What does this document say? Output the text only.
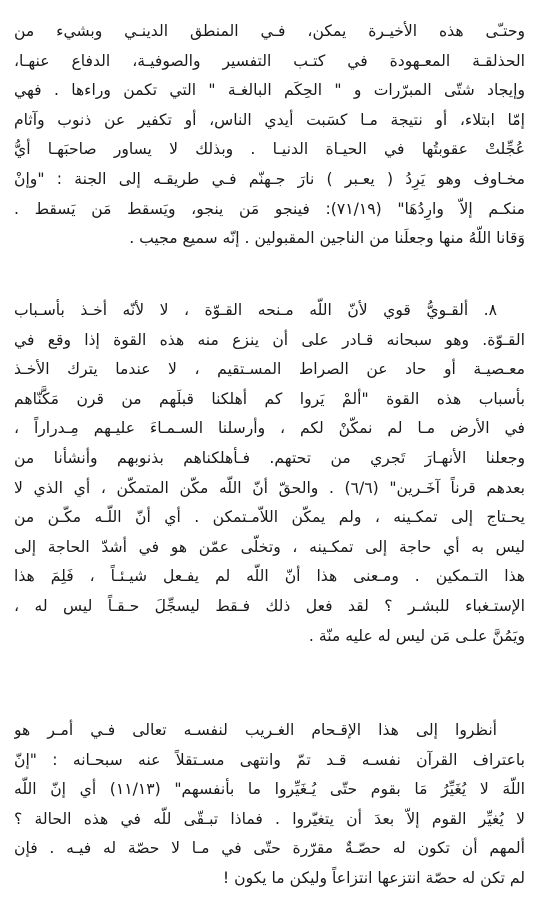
وحتـّى هذه الأخيـرة يمكن، فـي المنطق الدينـي وبشيء من
الحذلقـة المعـهودة في كتـب التفسير والصوفيـة، الدفاع عنهـا،
وإيجاد شتّى المبرّرات و " الحِكَم البالغـة " التي تكمن وراءها . فهي
إمّا ابتلاء، أو نتيجة مـا كسَبت أيدي الناس، أو تكفير عن ذنوب وآثام
عُجِّلتْ عقوبتُها في الحيـاة الدنيـا . وبذلك لا يساور صاحبَهـا أيُّ
مخـاوف وهو يَرِدُ ( يعـبر ) نارَ جـهنّم فـي طريقـه إلى الجنة : "وإنْ
منكـم إلاّ وارِدُهَا" (٧١/١٩): فينجو مَن ينجو، ويَسقط مَن يَسقط .
وَقانا اللّهُ منها وجعلَنا من الناجين المقبولين . إنّه سميع مجيب .
٨. ألقـويُّ قوي لأنّ اللّه مـنحه القـوّة ، لا لأنّه أخـذ بأسـباب
القـوّة. وهو سبحانه قـادر على أن ينزع منه هذه القوة إذا وقع في
معـصيـة أو حاد عن الصراط المسـتقيم ، لا عندما يترك الأخـذ
بأسباب هذه القوة "ألمْ يَروا كم أهلكنا قبلَهم من قرن مَكَّنّاهم
في الأرض مـا لم نمكّنْ لكم ، وأرسلنا السـمـاءَ عليـهم مِـدراراً ،
وجعلنا الأنهـارَ تَجري من تحتهم. فـأهلكناهم بذنوبهم وأنشأنا من
بعدهم قرناً آخَـرين" (٦/٦) . والحقّ أنّ اللّه مكّن المتمكّن ، أي الذي لا
يحـتاج إلى تمكـينه ، ولم يمكّن اللاّمـتمكن . أي أنّ اللّـه مكّـن من
ليس به أي حاجة إلى تمكـينه ، وتخلّى عمّن هو في أشدّ الحاجة إلى
هذا التـمكين . ومـعنى هذا أنّ اللّه لم يفـعل شيـئـاً ، فَلِمَ هذا
الإستـغباء للبشـر ؟ لقد فعل ذلك فـقط ليسجِّلَ حـقـاً ليس له ،
ويَمُنَّ علـى مَن ليس له عليه منّة .
أنظروا إلى هذا الإقـحام الغـريب لنفسـه تعالى فـي أمـر هو
باعتراف القرآن نفسـه قـد تمّ وانتهى مسـتقلاً عنه سبحـانه : "إنّ
اللّهَ لا يُغَيِّرُ مَا بقوم حتّى يُـغَيِّروا ما بأنفسهم" (١١/١٣) أي إنّ اللّه
لا يُغيِّر القوم إلاّ بعدَ أن يتغيّروا . فماذا تبـقّى للّه في هذه الحالة ؟
ألمهم أن تكون له حصّـةٌ مقرّرة حتّى في مـا لا حصّة له فيـه . فإن
لم تكن له حصّة انتزعها انتزاعاً وليكن ما يكون !
